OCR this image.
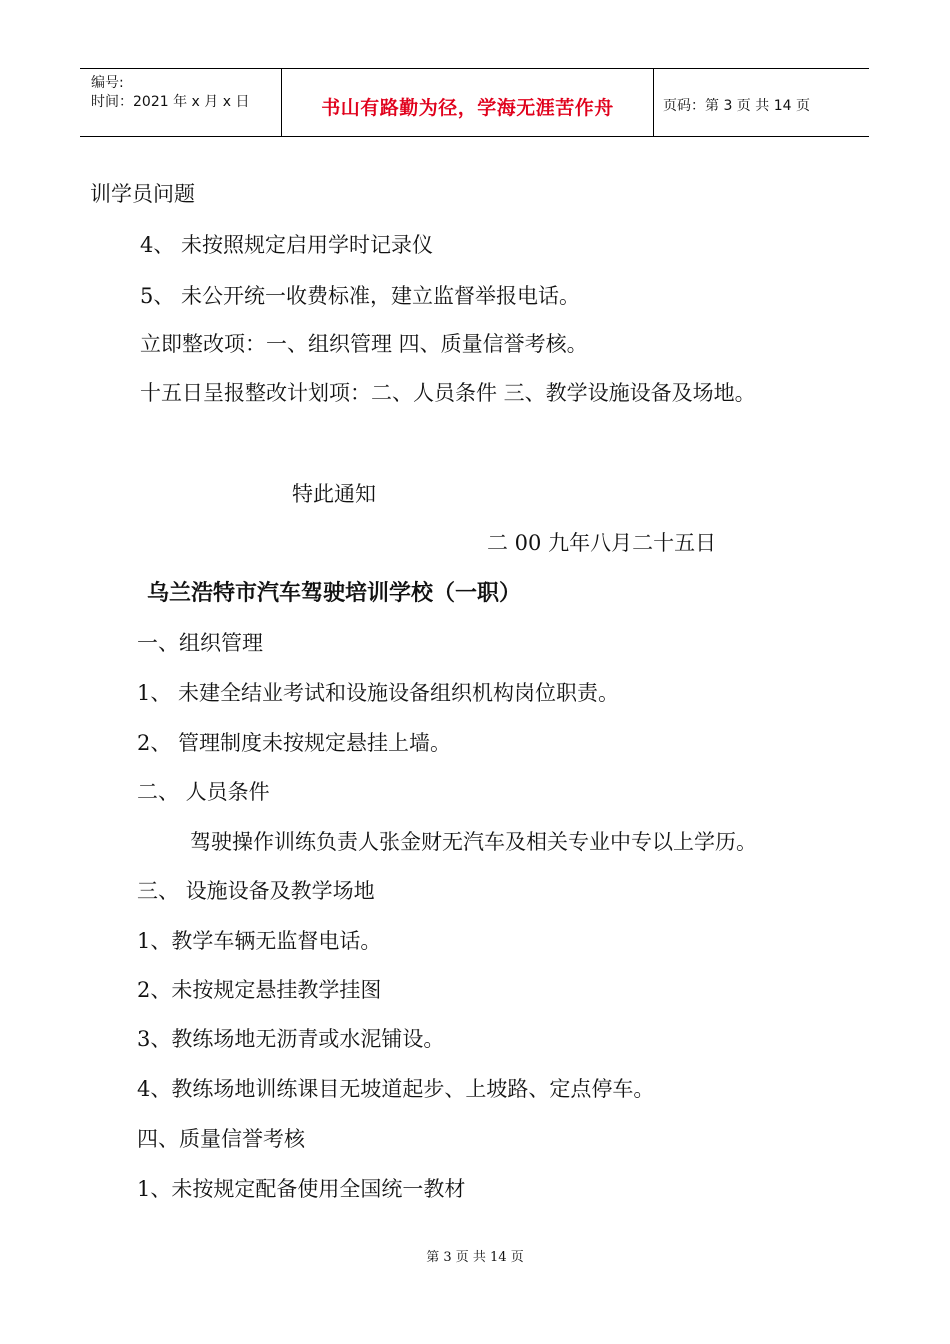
编号:
时间：2021 年 x 月 x 日	书山有路勤为径，学海无涯苦作舟	页码：第 3 页 共 14 页
训学员问题
4、 未按照规定启用学时记录仪
5、 未公开统一收费标准，建立监督举报电话。
立即整改项：一、组织管理 四、质量信誉考核。
十五日呈报整改计划项：二、人员条件 三、教学设施设备及场地。
特此通知
二 00 九年八月二十五日
乌兰浩特市汽车驾驶培训学校（一职）
一、组织管理
1、 未建全结业考试和设施设备组织机构岗位职责。
2、 管理制度未按规定悬挂上墙。
二、 人员条件
驾驶操作训练负责人张金财无汽车及相关专业中专以上学历。
三、 设施设备及教学场地
1、教学车辆无监督电话。
2、未按规定悬挂教学挂图
3、教练场地无沥青或水泥铺设。
4、教练场地训练课目无坡道起步、上坡路、定点停车。
四、质量信誉考核
1、未按规定配备使用全国统一教材
第 3 页 共 14 页
